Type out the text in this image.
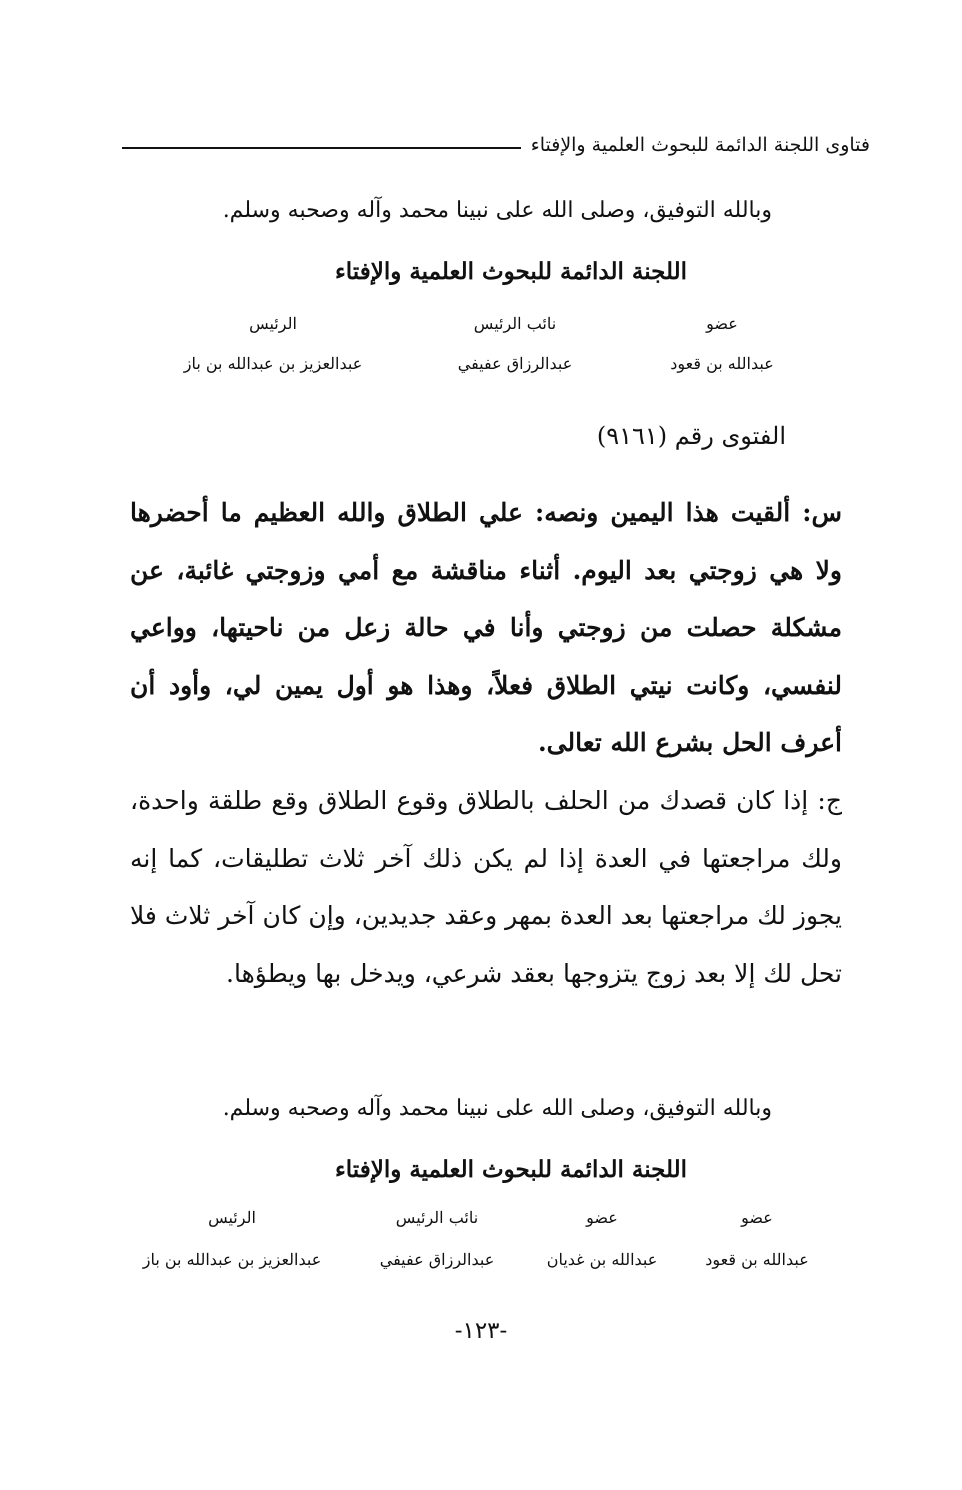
فتاوى اللجنة الدائمة للبحوث العلمية والإفتاء
وبالله التوفيق، وصلى الله على نبينا محمد وآله وصحبه وسلم.
اللجنة الدائمة للبحوث العلمية والإفتاء
عضو
نائب الرئيس
الرئيس
عبدالله بن قعود
عبدالرزاق عفيفي
عبدالعزيز بن عبدالله بن باز
الفتوى رقم (٩١٦١)
س: ألقيت هذا اليمين ونصه: علي الطلاق والله العظيم ما أحضرها ولا هي زوجتي بعد اليوم. أثناء مناقشة مع أمي وزوجتي غائبة، عن مشكلة حصلت من زوجتي وأنا في حالة زعل من ناحيتها، وواعي لنفسي، وكانت نيتي الطلاق فعلاً، وهذا هو أول يمين لي، وأود أن أعرف الحل بشرع الله تعالى.
ج: إذا كان قصدك من الحلف بالطلاق وقوع الطلاق وقع طلقة واحدة، ولك مراجعتها في العدة إذا لم يكن ذلك آخر ثلاث تطليقات، كما إنه يجوز لك مراجعتها بعد العدة بمهر وعقد جديدين، وإن كان آخر ثلاث فلا تحل لك إلا بعد زوج يتزوجها بعقد شرعي، ويدخل بها ويطؤها.
وبالله التوفيق، وصلى الله على نبينا محمد وآله وصحبه وسلم.
اللجنة الدائمة للبحوث العلمية والإفتاء
عضو
عضو
نائب الرئيس
الرئيس
عبدالله بن قعود
عبدالله بن غديان
عبدالرزاق عفيفي
عبدالعزيز بن عبدالله بن باز
-١٢٣-
